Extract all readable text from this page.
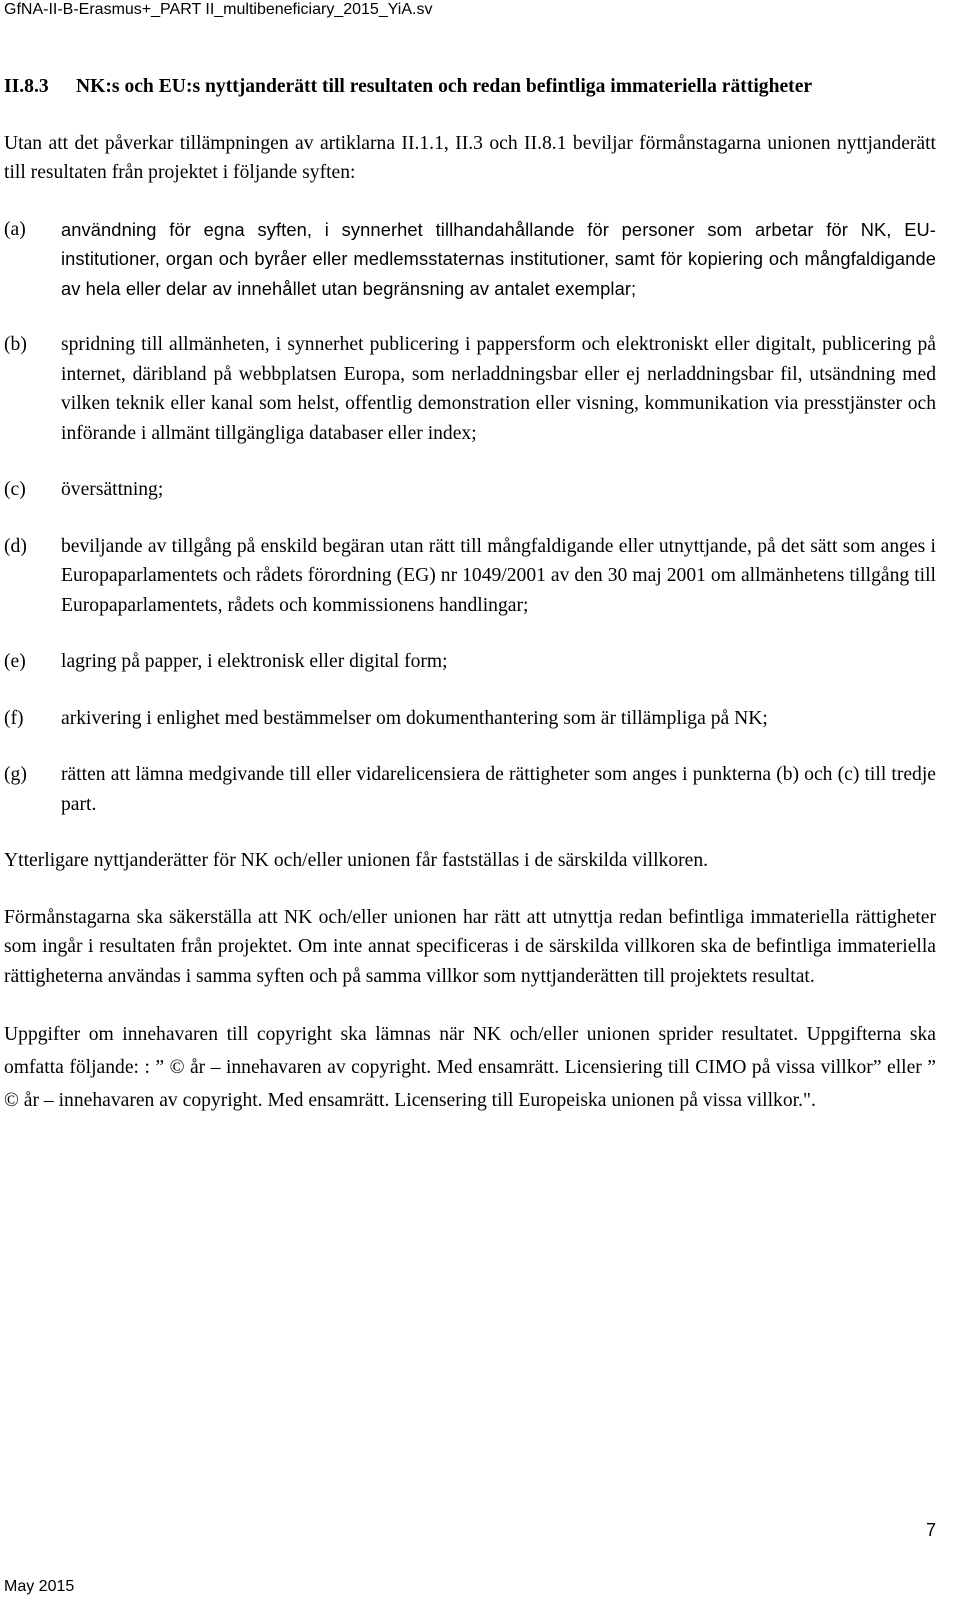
GfNA-II-B-Erasmus+_PART II_multibeneficiary_2015_YiA.sv
II.8.3	NK:s och EU:s nyttjanderätt till resultaten och redan befintliga immateriella rättigheter

Utan att det påverkar tillämpningen av artiklarna II.1.1, II.3 och II.8.1 beviljar förmånstagarna unionen nyttjanderätt till resultaten från projektet i följande syften:

(a)	användning för egna syften, i synnerhet tillhandahållande för personer som arbetar för NK, EU-institutioner, organ och byråer eller medlemsstaternas institutioner, samt för kopiering och mångfaldigande av hela eller delar av innehållet utan begränsning av antalet exemplar;
(b)	spridning till allmänheten, i synnerhet publicering i pappersform och elektroniskt eller digitalt, publicering på internet, däribland på webbplatsen Europa, som nerladdningsbar eller ej nerladdningsbar fil, utsändning med vilken teknik eller kanal som helst, offentlig demonstration eller visning, kommunikation via presstjänster och införande i allmänt tillgängliga databaser eller index;
(c)	översättning;
(d)	beviljande av tillgång på enskild begäran utan rätt till mångfaldigande eller utnyttjande, på det sätt som anges i Europaparlamentets och rådets förordning (EG) nr 1049/2001 av den 30 maj 2001 om allmänhetens tillgång till Europaparlamentets, rådets och kommissionens handlingar;
(e)	lagring på papper, i elektronisk eller digital form;
(f)	arkivering i enlighet med bestämmelser om dokumenthantering som är tillämpliga på NK;
(g)	rätten att lämna medgivande till eller vidarelicensiera de rättigheter som anges i punkterna (b) och (c) till tredje part.

Ytterligare nyttjanderätter för NK och/eller unionen får fastställas i de särskilda villkoren.

Förmånstagarna ska säkerställa att NK och/eller unionen har rätt att utnyttja redan befintliga immateriella rättigheter som ingår i resultaten från projektet. Om inte annat specificeras i de särskilda villkoren ska de befintliga immateriella rättigheterna användas i samma syften och på samma villkor som nyttjanderätten till projektets resultat.

Uppgifter om innehavaren till copyright ska lämnas när NK och/eller unionen sprider resultatet. Uppgifterna ska omfatta följande: : ” © år – innehavaren av copyright. Med ensamrätt. Licensiering till CIMO på vissa villkor” eller ” © år – innehavaren av copyright. Med ensamrätt. Licensering till Europeiska unionen på vissa villkor.".

7
May 2015
